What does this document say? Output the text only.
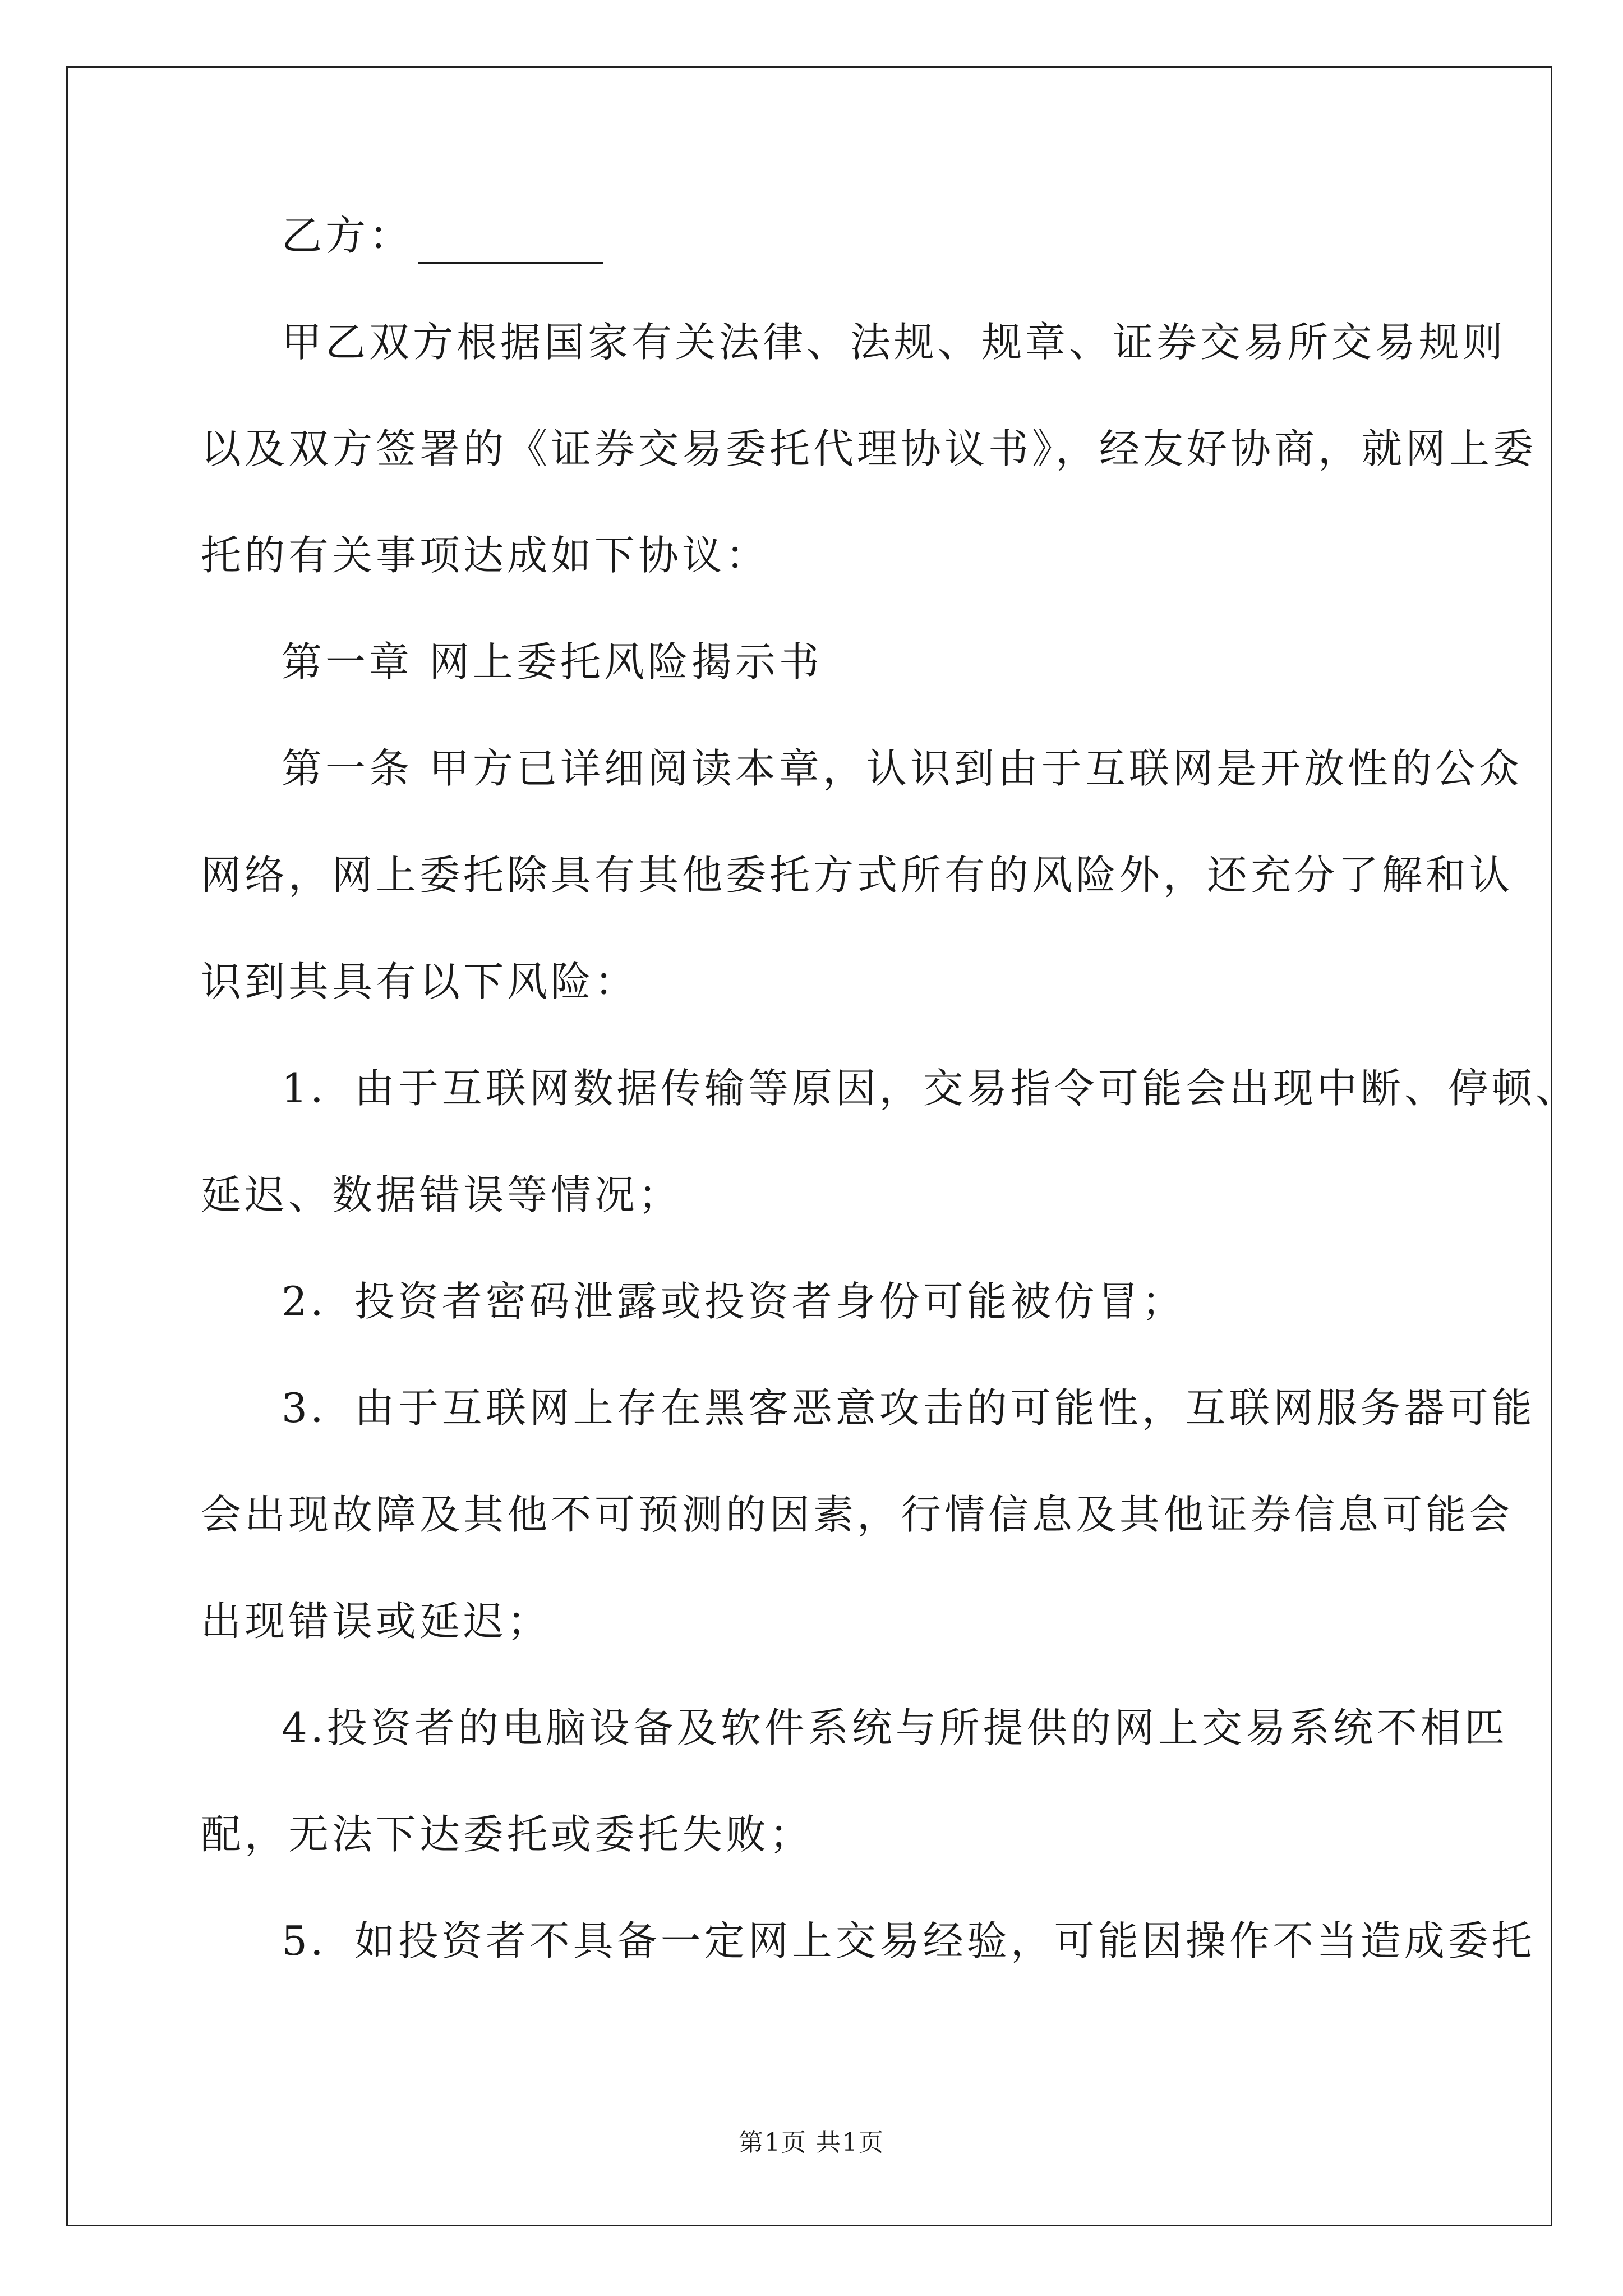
乙方：

甲乙双方根据国家有关法律、法规、规章、证券交易所交易规则

以及双方签署的《证券交易委托代理协议书》，经友好协商，就网上委

托的有关事项达成如下协议：

第一章 网上委托风险揭示书

第一条 甲方已详细阅读本章，认识到由于互联网是开放性的公众

网络，网上委托除具有其他委托方式所有的风险外，还充分了解和认

识到其具有以下风险：

1．由于互联网数据传输等原因，交易指令可能会出现中断、停顿、

延迟、数据错误等情况；

2．投资者密码泄露或投资者身份可能被仿冒；

3．由于互联网上存在黑客恶意攻击的可能性，互联网服务器可能

会出现故障及其他不可预测的因素，行情信息及其他证券信息可能会

出现错误或延迟；

4.投资者的电脑设备及软件系统与所提供的网上交易系统不相匹

配，无法下达委托或委托失败；

5．如投资者不具备一定网上交易经验，可能因操作不当造成委托

第1页 共1页
